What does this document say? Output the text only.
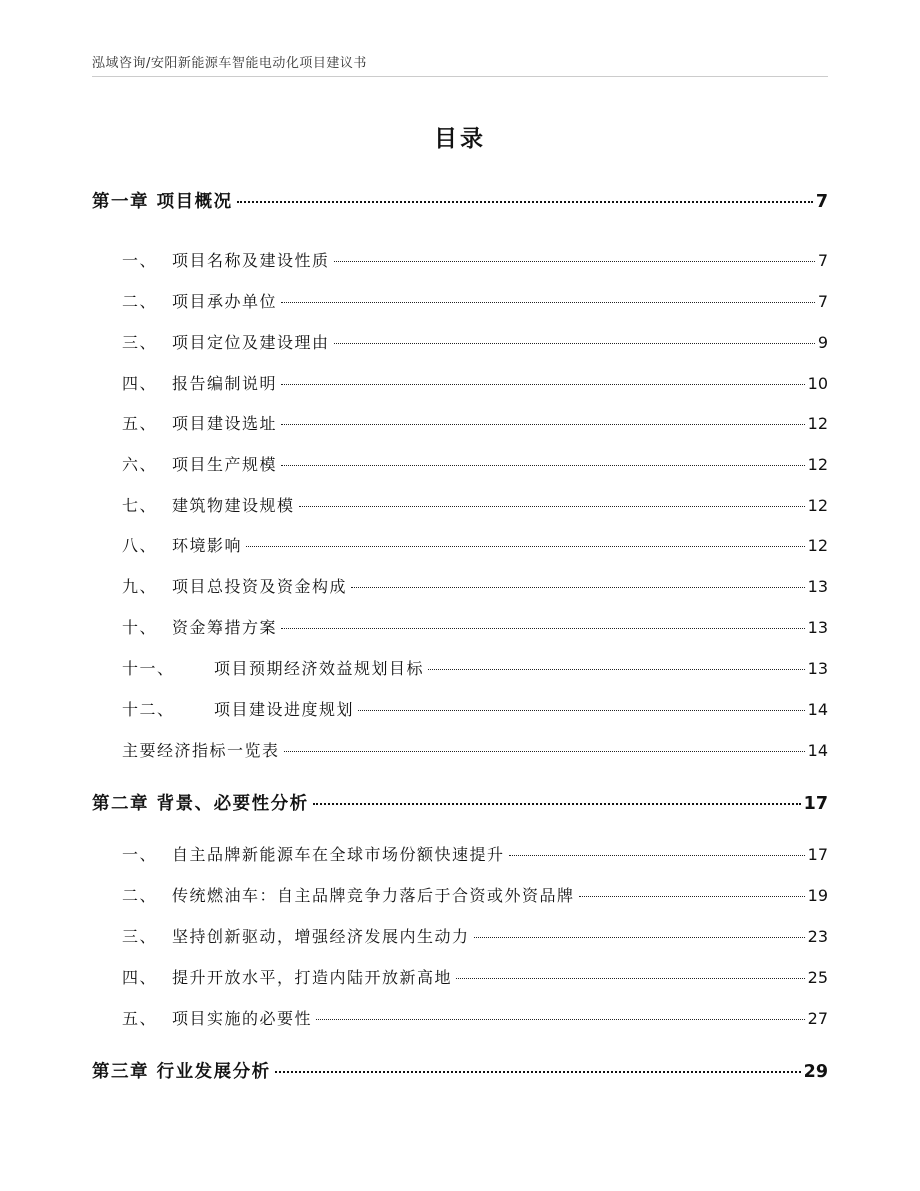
泓域咨询/安阳新能源车智能电动化项目建议书
目录
第一章 项目概况	7
一、 项目名称及建设性质	7
二、 项目承办单位	7
三、 项目定位及建设理由	9
四、 报告编制说明	10
五、 项目建设选址	12
六、 项目生产规模	12
七、 建筑物建设规模	12
八、 环境影响	12
九、 项目总投资及资金构成	13
十、 资金筹措方案	13
十一、 项目预期经济效益规划目标	13
十二、 项目建设进度规划	14
主要经济指标一览表	14
第二章 背景、必要性分析	17
一、 自主品牌新能源车在全球市场份额快速提升	17
二、 传统燃油车：自主品牌竞争力落后于合资或外资品牌	19
三、 坚持创新驱动，增强经济发展内生动力	23
四、 提升开放水平，打造内陆开放新高地	25
五、 项目实施的必要性	27
第三章 行业发展分析	29
